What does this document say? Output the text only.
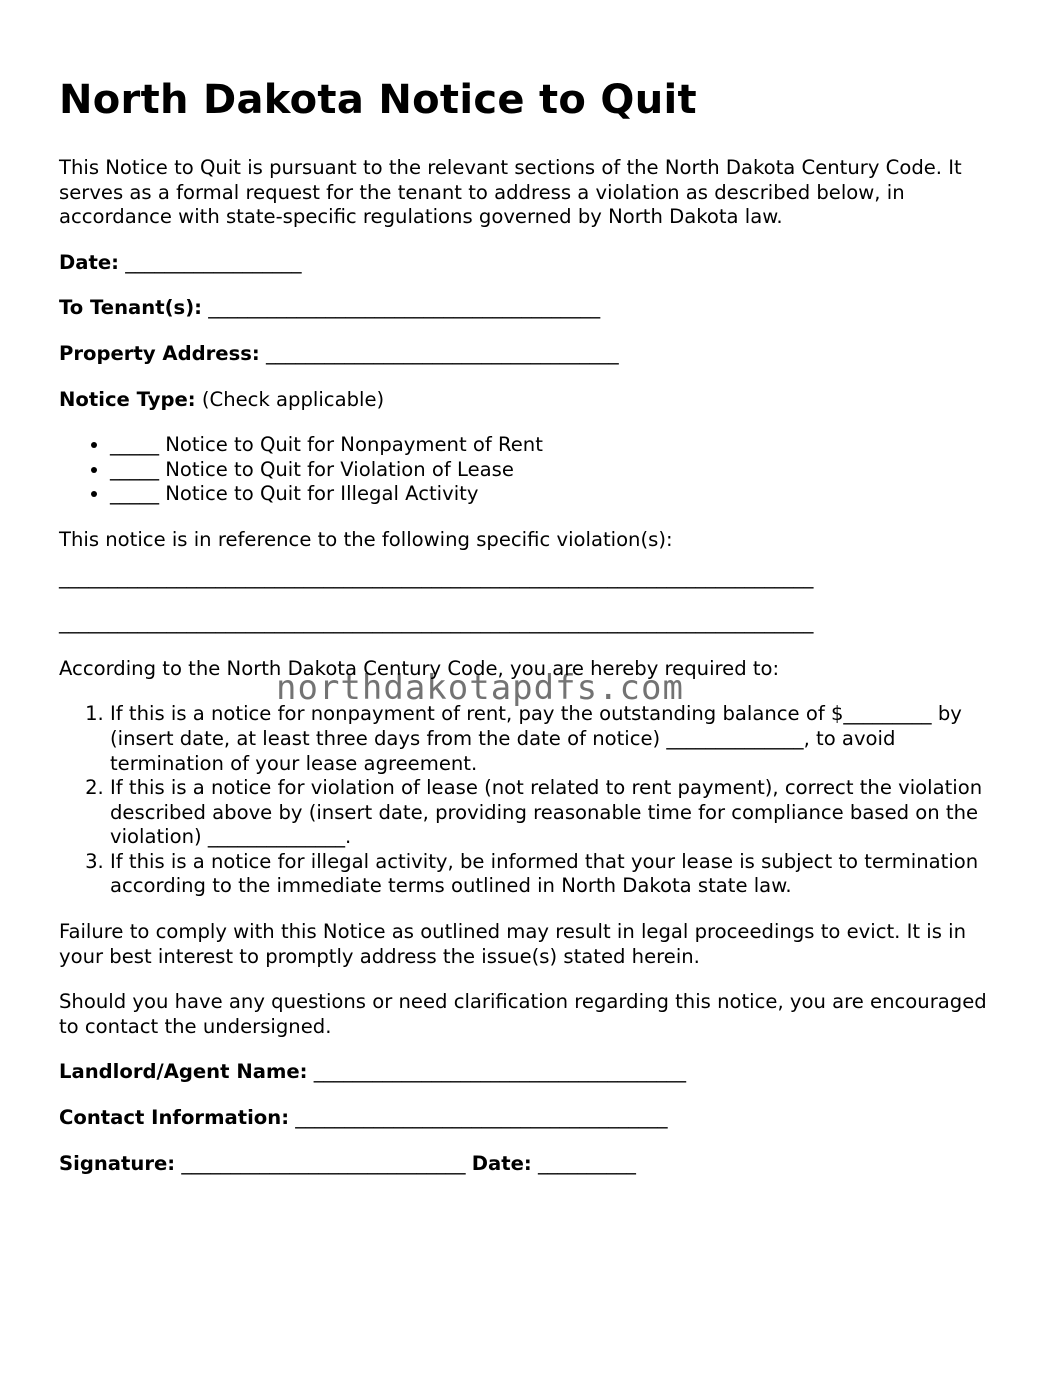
North Dakota Notice to Quit

This Notice to Quit is pursuant to the relevant sections of the North Dakota Century Code. It serves as a formal request for the tenant to address a violation as described below, in accordance with state-specific regulations governed by North Dakota law.

Date: __________________

To Tenant(s): ________________________________________

Property Address: ____________________________________

Notice Type: (Check applicable)

• _____ Notice to Quit for Nonpayment of Rent
• _____ Notice to Quit for Violation of Lease
• _____ Notice to Quit for Illegal Activity

This notice is in reference to the following specific violation(s):

_____________________________________________________________________________
_____________________________________________________________________________

According to the North Dakota Century Code, you are hereby required to:

1. If this is a notice for nonpayment of rent, pay the outstanding balance of $_________ by (insert date, at least three days from the date of notice) ______________, to avoid termination of your lease agreement.
2. If this is a notice for violation of lease (not related to rent payment), correct the violation described above by (insert date, providing reasonable time for compliance based on the violation) ______________.
3. If this is a notice for illegal activity, be informed that your lease is subject to termination according to the immediate terms outlined in North Dakota state law.

Failure to comply with this Notice as outlined may result in legal proceedings to evict. It is in your best interest to promptly address the issue(s) stated herein.

Should you have any questions or need clarification regarding this notice, you are encouraged to contact the undersigned.

Landlord/Agent Name: ______________________________________

Contact Information: ______________________________________

Signature: _____________________________ Date: __________

northdakotapdfs.com
